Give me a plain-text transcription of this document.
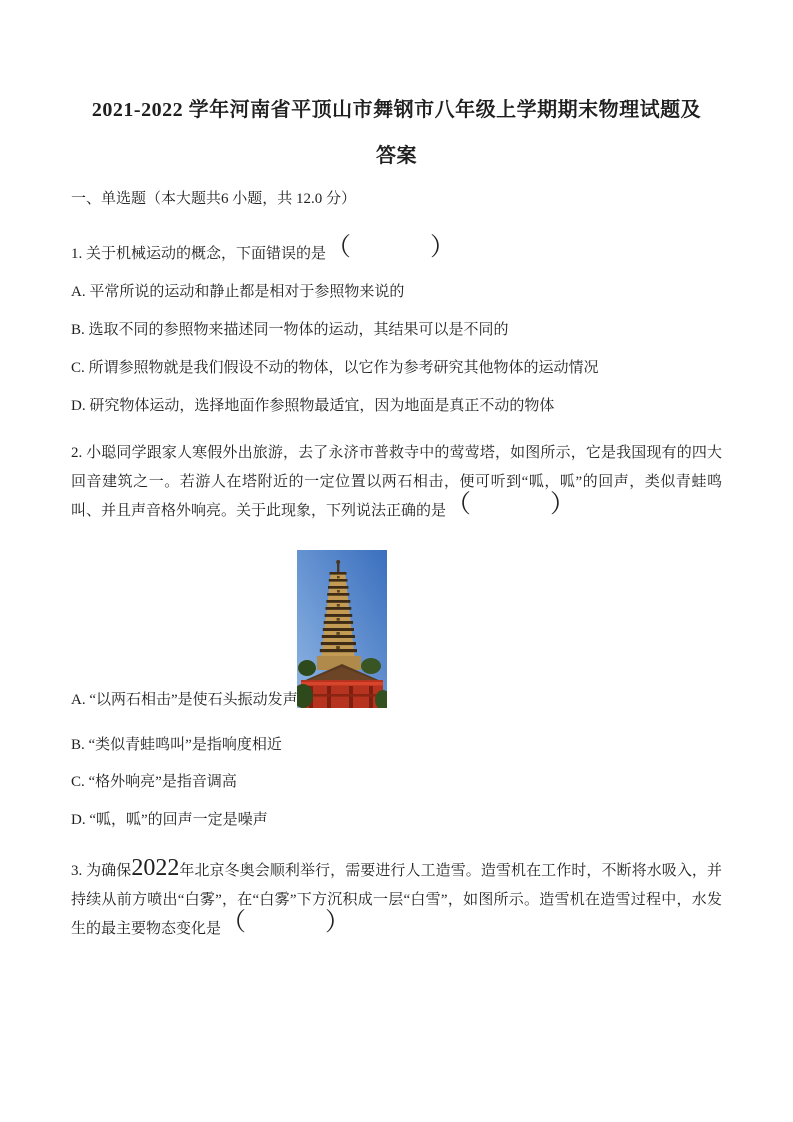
2021-2022 学年河南省平顶山市舞钢市八年级上学期期末物理试题及
答案
一、单选题（本大题共6 小题，共 12.0 分）

1. 关于机械运动的概念，下面错误的是（　　　）

A. 平常所说的运动和静止都是相对于参照物来说的

B. 选取不同的参照物来描述同一物体的运动，其结果可以是不同的

C. 所谓参照物就是我们假设不动的物体，以它作为参考研究其他物体的运动情况

D. 研究物体运动，选择地面作参照物最适宜，因为地面是真正不动的物体

2. 小聪同学跟家人寒假外出旅游，去了永济市普救寺中的莺莺塔，如图所示，它是我国现有的四大回音建筑之一。若游人在塔附近的一定位置以两石相击，便可听到“呱，呱”的回声，类似青蛙鸣叫、并且声音格外响亮。关于此现象，下列说法正确的是（　　　）

A. “以两石相击”是使石头振动发声

B. “类似青蛙鸣叫”是指响度相近

C. “格外响亮”是指音调高

D. “呱，呱”的回声一定是噪声

3. 为确保2022年北京冬奥会顺利举行，需要进行人工造雪。造雪机在工作时，不断将水吸入，并持续从前方喷出“白雾”，在“白雾”下方沉积成一层“白雪”，如图所示。造雪机在造雪过程中，水发生的最主要物态变化是（　　　）
